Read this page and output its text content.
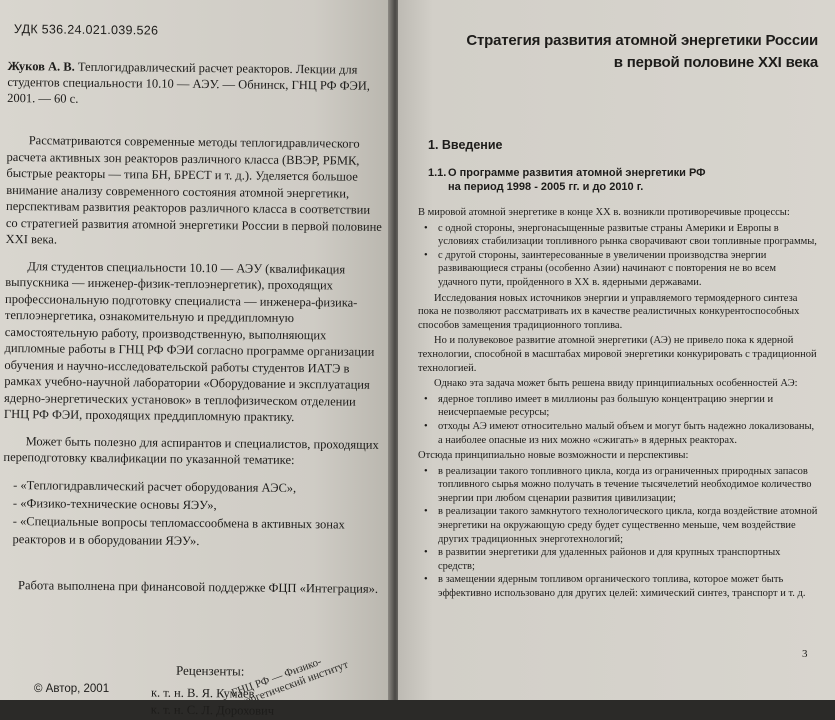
УДК 536.24.021.039.526
Жуков А. В. Теплогидравлический расчет реакторов. Лекции для студентов специальности 10.10 — АЭУ. — Обнинск, ГНЦ РФ ФЭИ, 2001. — 60 с.

Рассматриваются современные методы теплогидравлического расчета активных зон реакторов различного класса (ВВЭР, РБМК, быстрые реакторы — типа БН, БРЕСТ и т. д.). Уделяется большое внимание анализу современного состояния атомной энергетики, перспективам развития реакторов различного класса в соответствии со стратегией развития атомной энергетики России в первой половине XXI века.

Для студентов специальности 10.10 — АЭУ (квалификация выпускника — инженер-физик-теплоэнергетик), проходящих профессиональную подготовку специалиста — инженера-физика-теплоэнергетика, ознакомительную и преддипломную самостоятельную работу, производственную, выполняющих дипломные работы в ГНЦ РФ ФЭИ согласно программе организации обучения и научно-исследовательской работы студентов ИАТЭ в рамках учебно-научной лаборатории «Оборудование и эксплуатация ядерно-энергетических установок» в теплофизическом отделении ГНЦ РФ ФЭИ, проходящих преддипломную практику.

Может быть полезно для аспирантов и специалистов, проходящих переподготовку квалификации по указанной тематике:

- «Теплогидравлический расчет оборудования АЭС»,
- «Физико-технические основы ЯЭУ»,
- «Специальные вопросы тепломассообмена в активных зонах реакторов и в оборудовании ЯЭУ».
Работа выполнена при финансовой поддержке ФЦП «Интеграция».
Рецензенты:
к. т. н. В. Я. Кумаев
к. т. н. С. Л. Дорохович
© Автор, 2001	ГНЦ РФ — Физико-энергетический институт
Стратегия развития атомной энергетики России
в первой половине XXI века
1. Введение
1.1. О программе развития атомной энергетики РФ
на период 1998 - 2005 гг. и до 2010 г.

В мировой атомной энергетике в конце XX в. возникли противоречивые процессы:

• с одной стороны, энергонасыщенные развитые страны Америки и Европы в условиях стабилизации топливного рынка сворачивают свои топливные программы,
• с другой стороны, заинтересованные в увеличении производства энергии развивающиеся страны (особенно Азии) начинают с повторения не во всем удачного пути, пройденного в XX в. ядерными державами.

Исследования новых источников энергии и управляемого термоядерного синтеза пока не позволяют рассматривать их в качестве реалистичных конкурентоспособных способов замещения традиционного топлива.

Но и полувековое развитие атомной энергетики (АЭ) не привело пока к ядерной технологии, способной в масштабах мировой энергетики конкурировать с традиционной технологией.

Однако эта задача может быть решена ввиду принципиальных особенностей АЭ:

• ядерное топливо имеет в миллионы раз большую концентрацию энергии и неисчерпаемые ресурсы;
• отходы АЭ имеют относительно малый объем и могут быть надежно локализованы, а наиболее опасные из них можно «сжигать» в ядерных реакторах.

Отсюда принципиально новые возможности и перспективы:

• в реализации такого топливного цикла, когда из ограниченных природных запасов топливного сырья можно получать в течение тысячелетий необходимое количество энергии при любом сценарии развития цивилизации;
• в реализации такого замкнутого технологического цикла, когда воздействие атомной энергетики на окружающую среду будет существенно меньше, чем воздействие других традиционных энерготехнологий;
• в развитии энергетики для удаленных районов и для крупных транспортных средств;
• в замещении ядерным топливом органического топлива, которое может быть эффективно использовано для других целей: химический синтез, транспорт и т. д.
3
